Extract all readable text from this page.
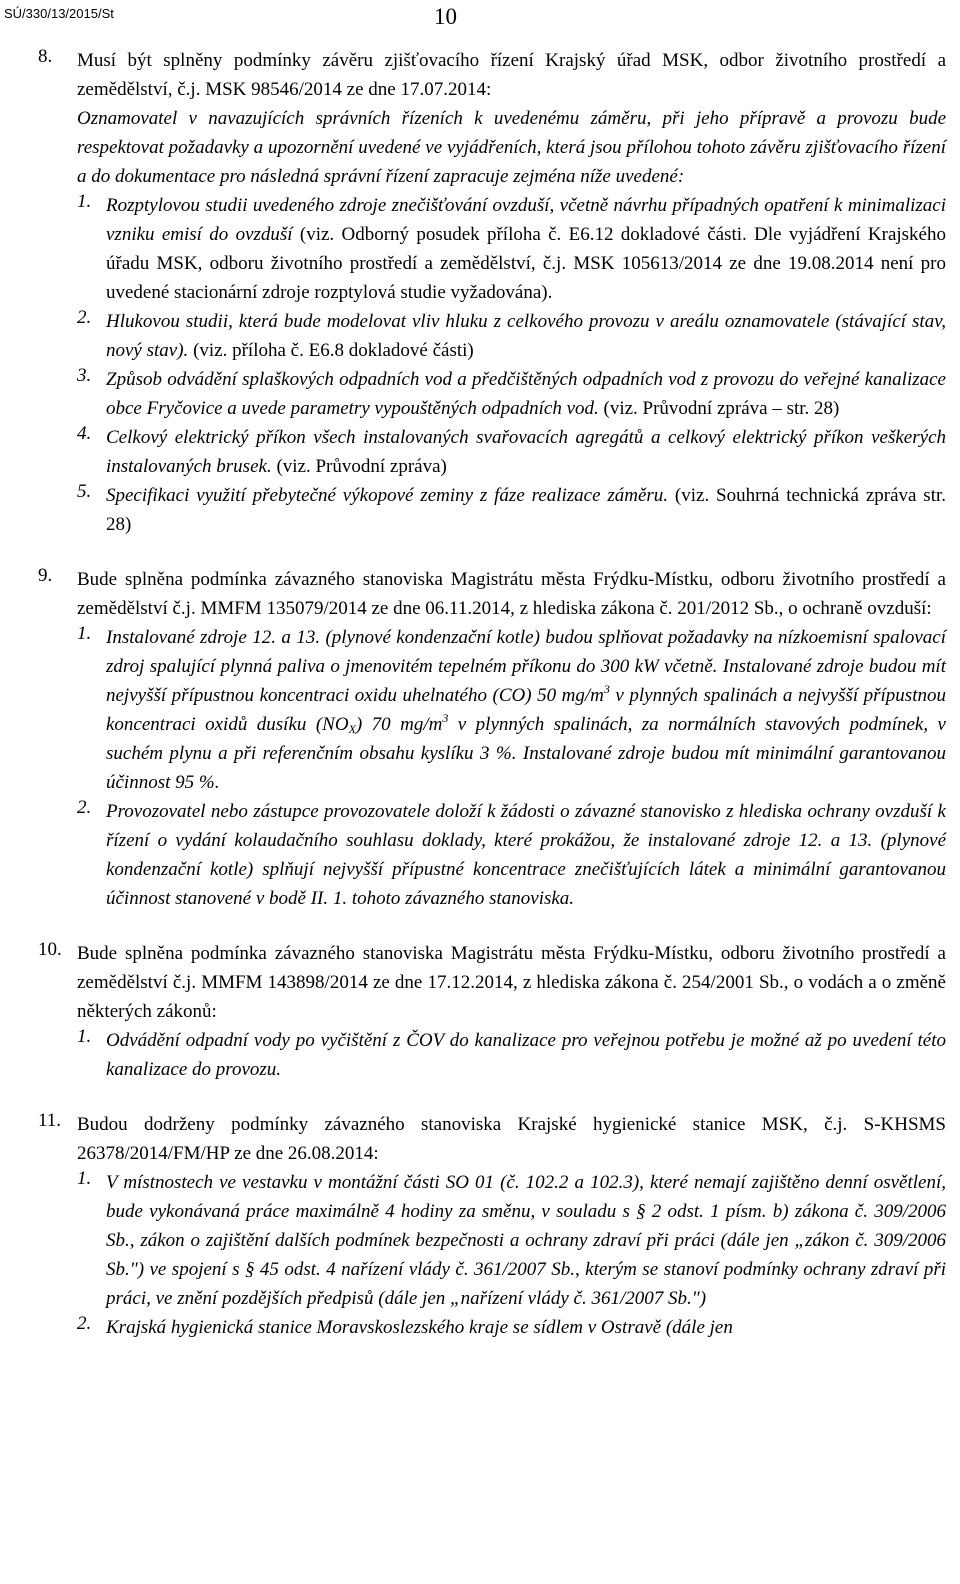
SÚ/330/13/2015/St	10
8.	Musí být splněny podmínky závěru zjišťovacího řízení Krajský úřad MSK, odbor životního prostředí a zemědělství, č.j. MSK 98546/2014 ze dne 17.07.2014:

Oznamovatel v navazujících správních řízeních k uvedenému záměru, při jeho přípravě a provozu bude respektovat požadavky a upozornění uvedené ve vyjádřeních, která jsou přílohou tohoto závěru zjišťovacího řízení a do dokumentace pro následná správní řízení zapracuje zejména níže uvedené:

1. Rozptylovou studii uvedeného zdroje znečišťování ovzduší, včetně návrhu případných opatření k minimalizaci vzniku emisí do ovzduší (viz. Odborný posudek příloha č. E6.12 dokladové části. Dle vyjádření Krajského úřadu MSK, odboru životního prostředí a zemědělství, č.j. MSK 105613/2014 ze dne 19.08.2014 není pro uvedené stacionární zdroje rozptylová studie vyžadována).

2. Hlukovou studii, která bude modelovat vliv hluku z celkového provozu v areálu oznamovatele (stávající stav, nový stav). (viz. příloha č. E6.8 dokladové části)

3. Způsob odvádění splaškových odpadních vod a předčištěných odpadních vod z provozu do veřejné kanalizace obce Fryčovice a uvede parametry vypouštěných odpadních vod. (viz. Průvodní zpráva – str. 28)

4. Celkový elektrický příkon všech instalovaných svařovacích agregátů a celkový elektrický příkon veškerých instalovaných brusek. (viz. Průvodní zpráva)

5. Specifikaci využití přebytečné výkopové zeminy z fáze realizace záměru. (viz. Souhrná technická zpráva str. 28)

9.	Bude splněna podmínka závazného stanoviska Magistrátu města Frýdku-Místku, odboru životního prostředí a zemědělství č.j. MMFM 135079/2014 ze dne 06.11.2014, z hlediska zákona č. 201/2012 Sb., o ochraně ovzduší:

1. Instalované zdroje 12. a 13. (plynové kondenzační kotle) budou splňovat požadavky na nízkoemisní spalovací zdroj spalující plynná paliva o jmenovitém tepelném příkonu do 300 kW včetně. Instalované zdroje budou mít nejvyšší přípustnou koncentraci oxidu uhelnatého (CO) 50 $mg/m^3$ v plynných spalinách a nejvyšší přípustnou koncentraci oxidů dusíku $(NO_X)$ 70 $mg/m^3$ v plynných spalinách, za normálních stavových podmínek, v suchém plynu a při referenčním obsahu kyslíku 3 %. Instalované zdroje budou mít minimální garantovanou účinnost 95 %.

2. Provozovatel nebo zástupce provozovatele doloží k žádosti o závazné stanovisko z hlediska ochrany ovzduší k řízení o vydání kolaudačního souhlasu doklady, které prokážou, že instalované zdroje 12. a 13. (plynové kondenzační kotle) splňují nejvyšší přípustné koncentrace znečišťujících látek a minimální garantovanou účinnost stanovené v bodě II. 1. tohoto závazného stanoviska.

10. Bude splněna podmínka závazného stanoviska Magistrátu města Frýdku-Místku, odboru životního prostředí a zemědělství č.j. MMFM 143898/2014 ze dne 17.12.2014, z hlediska zákona č. 254/2001 Sb., o vodách a o změně některých zákonů:

1. Odvádění odpadní vody po vyčištění z ČOV do kanalizace pro veřejnou potřebu je možné až po uvedení této kanalizace do provozu.

11. Budou dodrženy podmínky závazného stanoviska Krajské hygienické stanice MSK, č.j. S-KHSMS 26378/2014/FM/HP ze dne 26.08.2014:

1. V místnostech ve vestavku v montážní části SO 01 (č. 102.2 a 102.3), které nemají zajištěno denní osvětlení, bude vykonávaná práce maximálně 4 hodiny za směnu, v souladu s § 2 odst. 1 písm. b) zákona č. 309/2006 Sb., zákon o zajištění dalších podmínek bezpečnosti a ochrany zdraví při práci (dále jen „zákon č. 309/2006 Sb.") ve spojení s § 45 odst. 4 nařízení vlády č. 361/2007 Sb., kterým se stanoví podmínky ochrany zdraví při práci, ve znění pozdějších předpisů (dále jen „nařízení vlády č. 361/2007 Sb.")

2. Krajská hygienická stanice Moravskoslezského kraje se sídlem v Ostravě (dále jen
